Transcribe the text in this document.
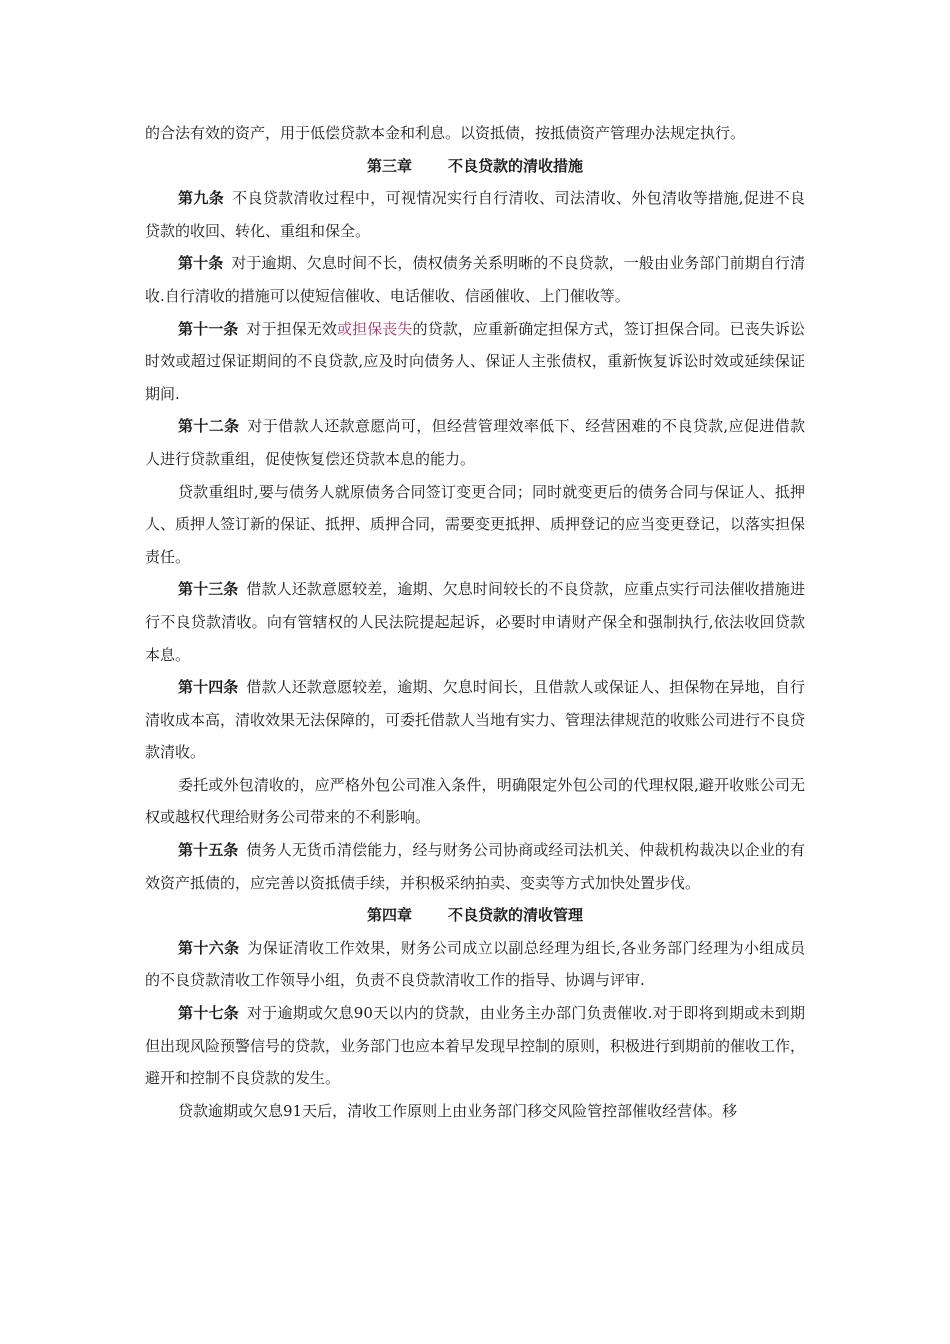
的合法有效的资产，用于低偿贷款本金和利息。以资抵债，按抵债资产管理办法规定执行。

第三章 不良贷款的清收措施

第九条 不良贷款清收过程中，可视情况实行自行清收、司法清收、外包清收等措施,促进不良贷款的收回、转化、重组和保全。

第十条 对于逾期、欠息时间不长，债权债务关系明晰的不良贷款，一般由业务部门前期自行清收.自行清收的措施可以使短信催收、电话催收、信函催收、上门催收等。

第十一条 对于担保无效或担保丧失的贷款，应重新确定担保方式，签订担保合同。已丧失诉讼时效或超过保证期间的不良贷款,应及时向债务人、保证人主张债权，重新恢复诉讼时效或延续保证期间.

第十二条 对于借款人还款意愿尚可，但经营管理效率低下、经营困难的不良贷款,应促进借款人进行贷款重组，促使恢复偿还贷款本息的能力。

贷款重组时,要与债务人就原债务合同签订变更合同；同时就变更后的债务合同与保证人、抵押人、质押人签订新的保证、抵押、质押合同，需要变更抵押、质押登记的应当变更登记，以落实担保责任。

第十三条 借款人还款意愿较差，逾期、欠息时间较长的不良贷款，应重点实行司法催收措施进行不良贷款清收。向有管辖权的人民法院提起起诉，必要时申请财产保全和强制执行,依法收回贷款本息。

第十四条 借款人还款意愿较差，逾期、欠息时间长，且借款人或保证人、担保物在异地，自行清收成本高，清收效果无法保障的，可委托借款人当地有实力、管理法律规范的收账公司进行不良贷款清收。

委托或外包清收的，应严格外包公司准入条件，明确限定外包公司的代理权限,避开收账公司无权或越权代理给财务公司带来的不利影响。

第十五条 债务人无货币清偿能力，经与财务公司协商或经司法机关、仲裁机构裁决以企业的有效资产抵债的，应完善以资抵债手续，并积极采纳拍卖、变卖等方式加快处置步伐。

第四章 不良贷款的清收管理

第十六条 为保证清收工作效果，财务公司成立以副总经理为组长,各业务部门经理为小组成员的不良贷款清收工作领导小组，负责不良贷款清收工作的指导、协调与评审.

第十七条 对于逾期或欠息90天以内的贷款，由业务主办部门负责催收.对于即将到期或未到期但出现风险预警信号的贷款，业务部门也应本着早发现早控制的原则，积极进行到期前的催收工作，避开和控制不良贷款的发生。

贷款逾期或欠息91天后，清收工作原则上由业务部门移交风险管控部催收经营体。移
